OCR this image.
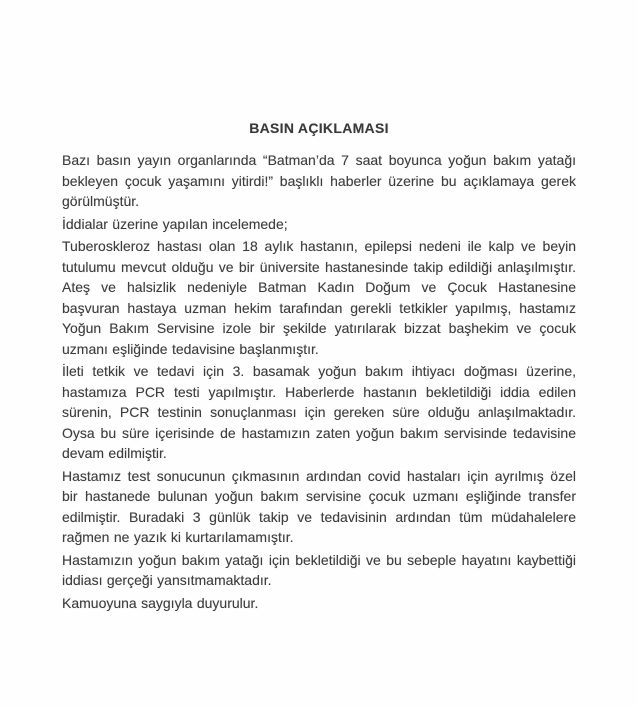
BASIN AÇIKLAMASI

Bazı basın yayın organlarında “Batman’da 7 saat boyunca yoğun bakım yatağı bekleyen çocuk yaşamını yitirdi!” başlıklı haberler üzerine bu açıklamaya gerek görülmüştür.

İddialar üzerine yapılan incelemede;

Tuberoskleroz hastası olan 18 aylık hastanın, epilepsi nedeni ile kalp ve beyin tutulumu mevcut olduğu ve bir üniversite hastanesinde takip edildiği anlaşılmıştır. Ateş ve halsizlik nedeniyle Batman Kadın Doğum ve Çocuk Hastanesine başvuran hastaya uzman hekim tarafından gerekli tetkikler yapılmış, hastamız Yoğun Bakım Servisine izole bir şekilde yatırılarak bizzat başhekim ve çocuk uzmanı eşliğinde tedavisine başlanmıştır.

İleti tetkik ve tedavi için 3. basamak yoğun bakım ihtiyacı doğması üzerine, hastamıza PCR testi yapılmıştır. Haberlerde hastanın bekletildiği iddia edilen sürenin, PCR testinin sonuçlanması için gereken süre olduğu anlaşılmaktadır. Oysa bu süre içerisinde de hastamızın zaten yoğun bakım servisinde tedavisine devam edilmiştir.

Hastamız test sonucunun çıkmasının ardından covid hastaları için ayrılmış özel bir hastanede bulunan yoğun bakım servisine çocuk uzmanı eşliğinde transfer edilmiştir. Buradaki 3 günlük takip ve tedavisinin ardından tüm müdahalelere rağmen ne yazık ki kurtarılamamıştır.

Hastamızın yoğun bakım yatağı için bekletildiği ve bu sebeple hayatını kaybettiği iddiası gerçeği yansıtmamaktadır.

Kamuoyuna saygıyla duyurulur.
